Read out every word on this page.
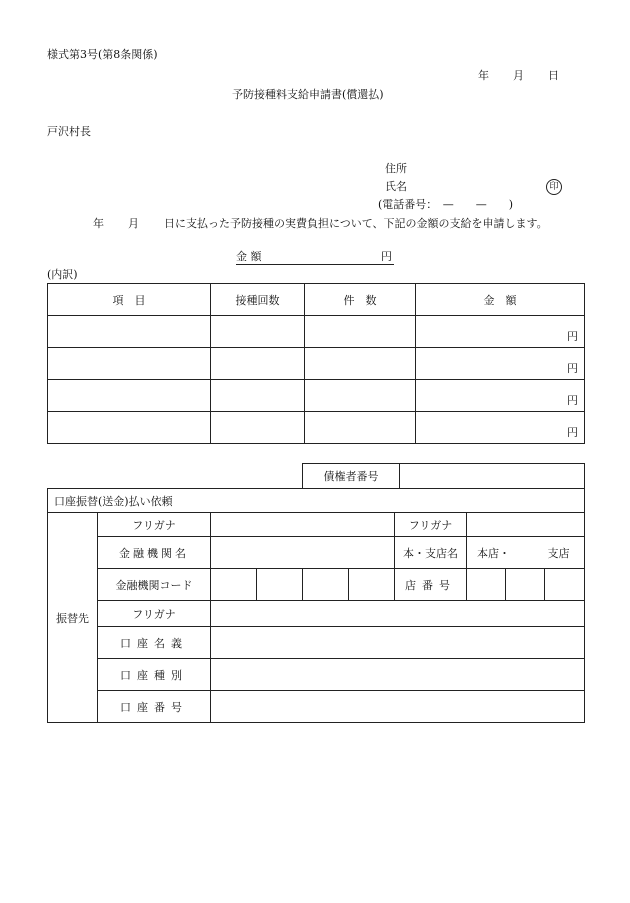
様式第3号(第8条関係)
年 月 日
予防接種料支給申請書(償還払)
戸沢村長
住所
氏名	印
(電話番号：　—　　—　　)
年 月 日に支払った予防接種の実費負担について、下記の金額の支給を申請します。
金 額	円
(内訳)
項　目	接種回数	件　数	金　額
			円
			円
			円
			円
債権者番号	
口座振替(送金)払い依頼									
振替先	フリガナ					フリガナ			
	金融機関名					本・支店名	本店・ 支店		
	金融機関コード					店番号			
	フリガナ								
	口座名義								
	口座種別								
	口座番号								
